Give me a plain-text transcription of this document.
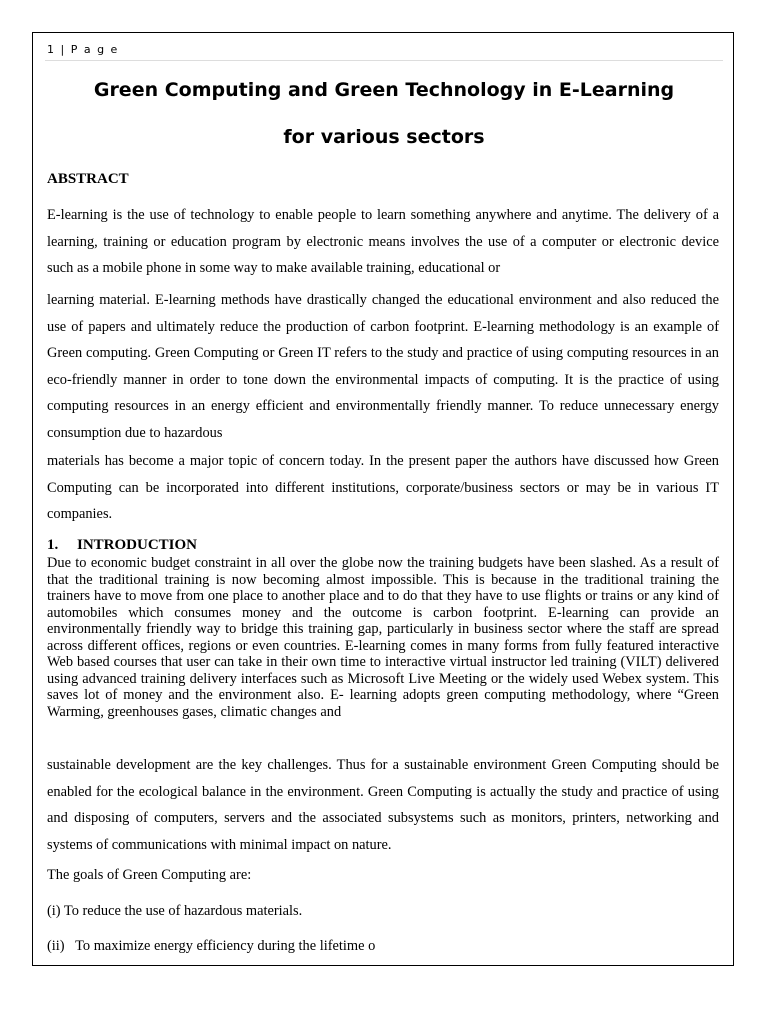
1 | P a g e
Green Computing and Green Technology in E-Learning
for various sectors
ABSTRACT

E-learning is the use of technology to enable people to learn something anywhere and anytime. The delivery of a learning, training or education program by electronic means involves the use of a computer or electronic device such as a mobile phone in some way to make available training, educational or

learning material. E-learning methods have drastically changed the educational environment and also reduced the use of papers and ultimately reduce the production of carbon footprint. E-learning methodology is an example of Green computing. Green Computing or Green IT refers to the study and practice of using computing resources in an eco-friendly manner in order to tone down the environmental impacts of computing. It is the practice of using computing resources in an energy efficient and environmentally friendly manner. To reduce unnecessary energy consumption due to hazardous

materials has become a major topic of concern today. In the present paper the authors have discussed how Green Computing can be incorporated into different institutions, corporate/business sectors or may be in various IT companies.

1.     INTRODUCTION

Due to economic budget constraint in all over the globe now the training budgets have been slashed. As a result of that the traditional training is now becoming almost impossible. This is because in the traditional training the trainers have to move from one place to another place and to do that they have to use flights or trains or any kind of automobiles which consumes money and the outcome is carbon footprint. E-learning can provide an environmentally friendly way to bridge this training gap, particularly in business sector where the staff are spread across different offices, regions or even countries. E-learning comes in many forms from fully featured interactive Web based courses that user can take in their own time to interactive virtual instructor led training (VILT) delivered using advanced training delivery interfaces such as Microsoft Live Meeting or the widely used Webex system. This saves lot of money and the environment also. E- learning adopts green computing methodology, where “Green Warming, greenhouses gases, climatic changes and

sustainable development are the key challenges. Thus for a sustainable environment Green Computing should be enabled for the ecological balance in the environment. Green Computing is actually the study and practice of using and disposing of computers, servers and the associated subsystems such as monitors, printers, networking and systems of communications with minimal impact on nature.

The goals of Green Computing are:
(i) To reduce the use of hazardous materials.
(ii)   To maximize energy efficiency during the lifetime o
